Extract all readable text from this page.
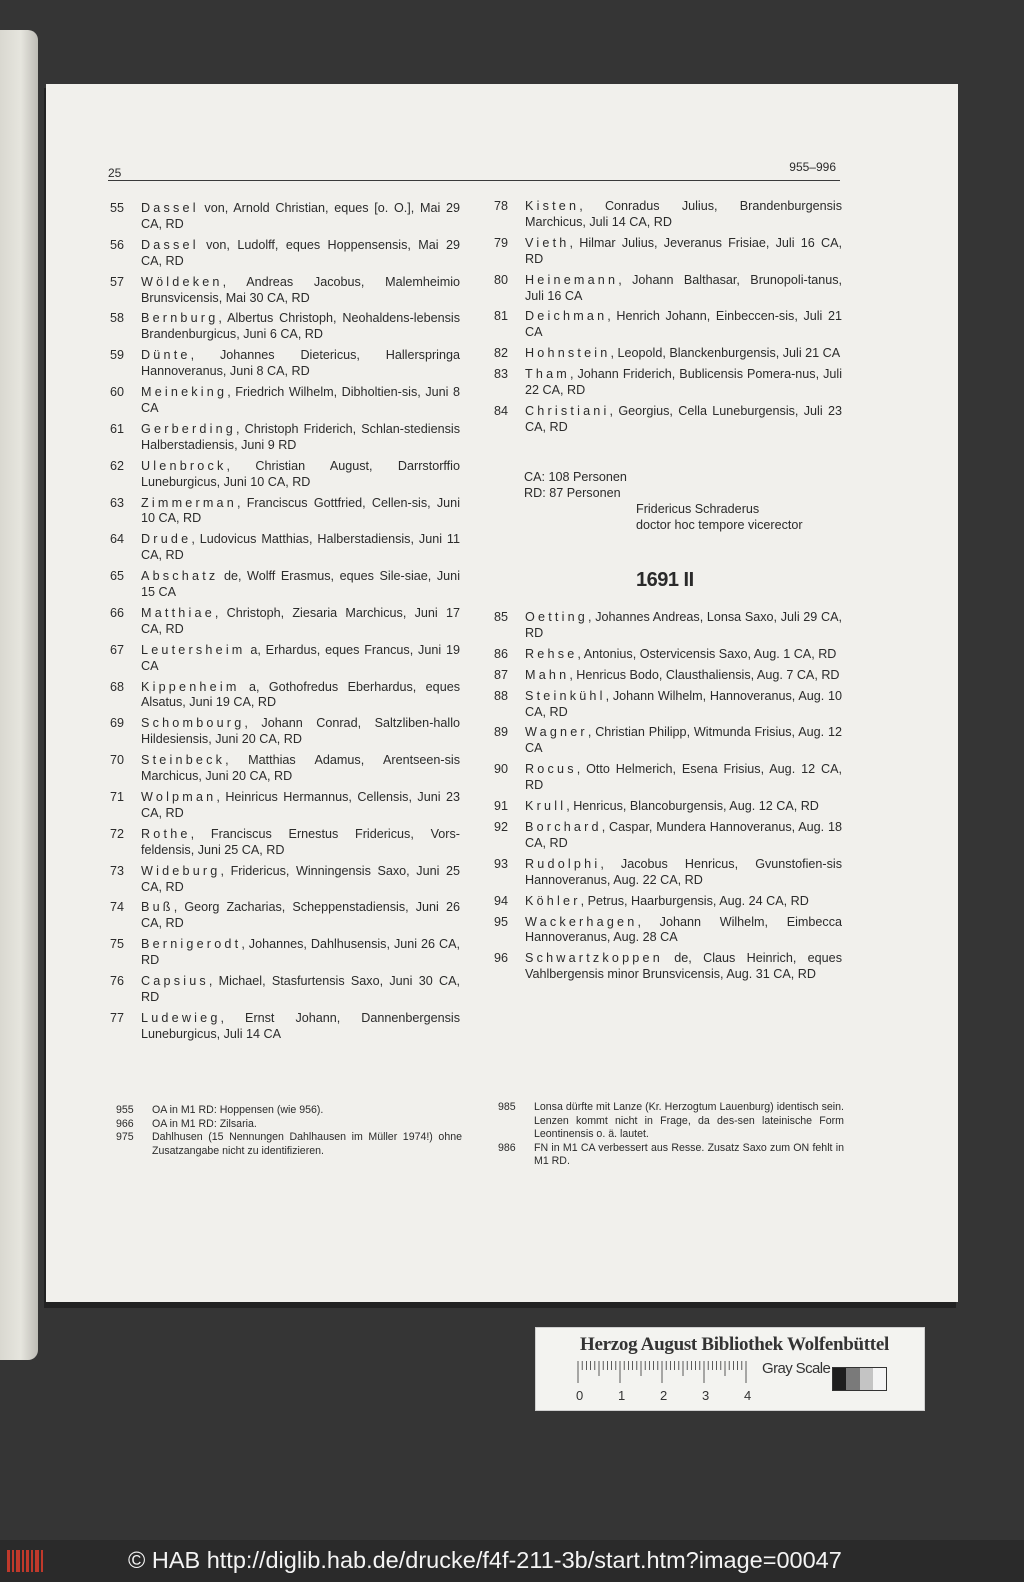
25	955–996
55 Dassel von, Arnold Christian, eques [o. O.], Mai 29 CA, RD
56 Dassel von, Ludolff, eques Hoppensensis, Mai 29 CA, RD
57 Wöldeken, Andreas Jacobus, Malemheimio Brunsvicensis, Mai 30 CA, RD
58 Bernburg, Albertus Christoph, Neohaldens-lebensis Brandenburgicus, Juni 6 CA, RD
59 Dünte, Johannes Dietericus, Hallerspringa Hannoveranus, Juni 8 CA, RD
60 Meineking, Friedrich Wilhelm, Dibholtien-sis, Juni 8 CA
61 Gerberding, Christoph Friderich, Schlan-stediensis Halberstadiensis, Juni 9 RD
62 Ulenbrock, Christian August, Darrstorffio Luneburgicus, Juni 10 CA, RD
63 Zimmerman, Franciscus Gottfried, Cellen-sis, Juni 10 CA, RD
64 Drude, Ludovicus Matthias, Halberstadiensis, Juni 11 CA, RD
65 Abschatz de, Wolff Erasmus, eques Sile-siae, Juni 15 CA
66 Matthiae, Christoph, Ziesaria Marchicus, Juni 17 CA, RD
67 Leutersheim a, Erhardus, eques Francus, Juni 19 CA
68 Kippenheim a, Gothofredus Eberhardus, eques Alsatus, Juni 19 CA, RD
69 Schombourg, Johann Conrad, Saltzliben-hallo Hildesiensis, Juni 20 CA, RD
70 Steinbeck, Matthias Adamus, Arentseen-sis Marchicus, Juni 20 CA, RD
71 Wolpman, Heinricus Hermannus, Cellensis, Juni 23 CA, RD
72 Rothe, Franciscus Ernestus Fridericus, Vors-feldensis, Juni 25 CA, RD
73 Wideburg, Fridericus, Winningensis Saxo, Juni 25 CA, RD
74 Buß, Georg Zacharias, Scheppenstadiensis, Juni 26 CA, RD
75 Bernigerodt, Johannes, Dahlhusensis, Juni 26 CA, RD
76 Capsius, Michael, Stasfurtensis Saxo, Juni 30 CA, RD
77 Ludewieg, Ernst Johann, Dannenbergensis Luneburgicus, Juli 14 CA
78 Kisten, Conradus Julius, Brandenburgensis Marchicus, Juli 14 CA, RD
79 Vieth, Hilmar Julius, Jeveranus Frisiae, Juli 16 CA, RD
80 Heinemann, Johann Balthasar, Brunopoli-tanus, Juli 16 CA
81 Deichman, Henrich Johann, Einbeccen-sis, Juli 21 CA
82 Hohnstein, Leopold, Blanckenburgensis, Juli 21 CA
83 Tham, Johann Friderich, Bublicensis Pomera-nus, Juli 22 CA, RD
84 Christiani, Georgius, Cella Luneburgensis, Juli 23 CA, RD
CA: 108 Personen
RD: 87 Personen
Fridericus Schraderus
doctor hoc tempore vicerector
1691 II
85 Oetting, Johannes Andreas, Lonsa Saxo, Juli 29 CA, RD
86 Rehse, Antonius, Ostervicensis Saxo, Aug. 1 CA, RD
87 Mahn, Henricus Bodo, Clausthaliensis, Aug. 7 CA, RD
88 Steinkühl, Johann Wilhelm, Hannoveranus, Aug. 10 CA, RD
89 Wagner, Christian Philipp, Witmunda Frisius, Aug. 12 CA
90 Rocus, Otto Helmerich, Esena Frisius, Aug. 12 CA, RD
91 Krull, Henricus, Blancoburgensis, Aug. 12 CA, RD
92 Borchard, Caspar, Mundera Hannoveranus, Aug. 18 CA, RD
93 Rudolphi, Jacobus Henricus, Gvunstofien-sis Hannoveranus, Aug. 22 CA, RD
94 Köhler, Petrus, Haarburgensis, Aug. 24 CA, RD
95 Wackerhagen, Johann Wilhelm, Eimbecca Hannoveranus, Aug. 28 CA
96 Schwartzkoppen de, Claus Heinrich, eques Vahlbergensis minor Brunsvicensis, Aug. 31 CA, RD
955	OA in M1 RD: Hoppensen (wie 956).
966	OA in M1 RD: Zilsaria.
975	Dahlhusen (15 Nennungen Dahlhausen im Müller 1974!) ohne Zusatzangabe nicht zu identifizieren.
985	Lonsa dürfte mit Lanze (Kr. Herzogtum Lauenburg) identisch sein. Lenzen kommt nicht in Frage, da des-sen lateinische Form Leontinensis o. ä. lautet.
986	FN in M1 CA verbessert aus Resse. Zusatz Saxo zum ON fehlt in M1 RD.
Herzog August Bibliothek Wolfenbüttel
Gray Scale
0	1	2	3	4
© HAB http://diglib.hab.de/drucke/f4f-211-3b/start.htm?image=00047
